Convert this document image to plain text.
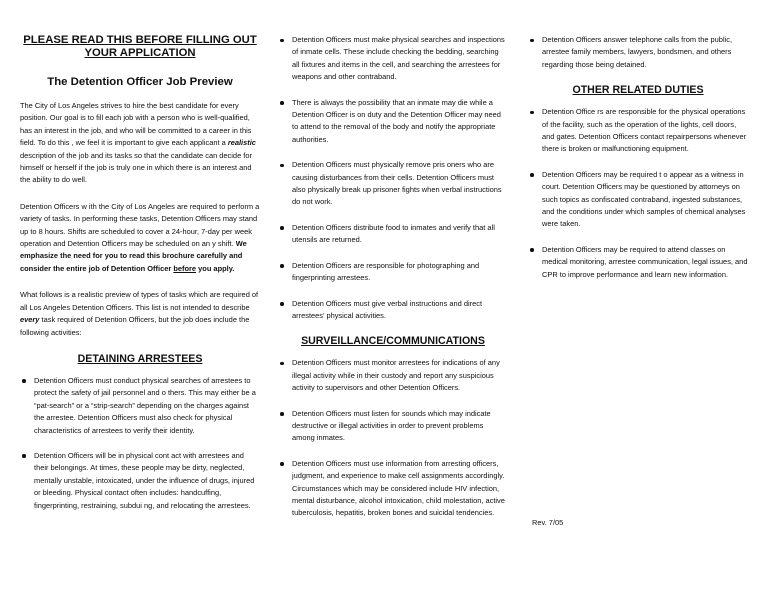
PLEASE READ THIS BEFORE FILLING OUT YOUR APPLICATION

The Detention Officer Job Preview

The City of Los Angeles strives to hire the best candidate for every position. Our goal is to fill each job with a person who is well-qualified, has an interest in the job, and who will be committed to a career in this field. To do this , we feel it is important to give each applicant a realistic description of the job and its tasks so that the candidate can decide for himself or herself if the job is truly one in which there is an interest and the ability to do well.

Detention Officers w ith the City of Los Angeles are required to perform a variety of tasks. In performing these tasks, Detention Officers may stand up to 8 hours. Shifts are scheduled to cover a 24-hour, 7-day per week operation and Detention Officers may be scheduled on an y shift. We emphasize the need for you to read this brochure carefully and consider the entire job of Detention Officer before you apply.

What follows is a realistic preview of types of tasks which are required of all Los Angeles Detention Officers. This list is not intended to describe every task required of Detention Officers, but the job does include the following activities:

DETAINING ARRESTEES
Detention Officers must conduct physical searches of arrestees to protect the safety of jail personnel and o thers. This may either be a “pat-search” or a “strip-search” depending on the charges against the arrestee. Detention Officers must also check for physical characteristics of arrestees to verify their identity.
Detention Officers will be in physical cont act with arrestees and their belongings. At times, these people may be dirty, neglected, mentally unstable, intoxicated, under the influence of drugs, injured or bleeding. Physical contact often includes: handcuffing, fingerprinting, restraining, subdui ng, and relocating the arrestees.
Detention Officers must make physical searches and inspections of inmate cells. These include checking the bedding, searching all fixtures and items in the cell, and searching the arrestees for weapons and other contraband.
There is always the possibility that an inmate may die while a Detention Officer is on duty and the Detention Officer may need to attend to the removal of the body and notify the appropriate authorities.
Detention Officers must physically remove pris oners who are causing disturbances from their cells. Detention Officers must also physically break up prisoner fights when verbal instructions do not work.
Detention Officers distribute food to inmates and verify that all utensils are returned.
Detention Officers are responsible for photographing and fingerprinting arrestees.
Detention Officers must give verbal instructions and direct arrestees’ physical activities.
SURVEILLANCE/COMMUNICATIONS
Detention Officers must monitor arrestees for indications of any illegal activity while in their custody and report any suspicious activity to supervisors and other Detention Officers.
Detention Officers must listen for sounds which may indicate destructive or illegal activities in order to prevent problems among inmates.
Detention Officers must use information from arresting officers, judgment, and experience to make cell assignments accordingly. Circumstances which may be considered include HIV infection, mental disturbance, alcohol intoxication, child molestation, active tuberculosis, hepatitis, broken bones and suicidal tendencies.
Detention Officers answer telephone calls from the public, arrestee family members, lawyers, bondsmen, and others regarding those being detained.
OTHER RELATED DUTIES
Detention Office rs are responsible for the physical operations of the facility, such as the operation of the lights, cell doors, and gates. Detention Officers contact repairpersons whenever there is broken or malfunctioning equipment.
Detention Officers may be required t o appear as a witness in court. Detention Officers may be questioned by attorneys on such topics as confiscated contraband, ingested substances, and the conditions under which samples of chemical analyses were taken.
Detention Officers may be required to attend classes on medical monitoring, arrestee communication, legal issues, and CPR to improve performance and learn new information.
Rev. 7/05
